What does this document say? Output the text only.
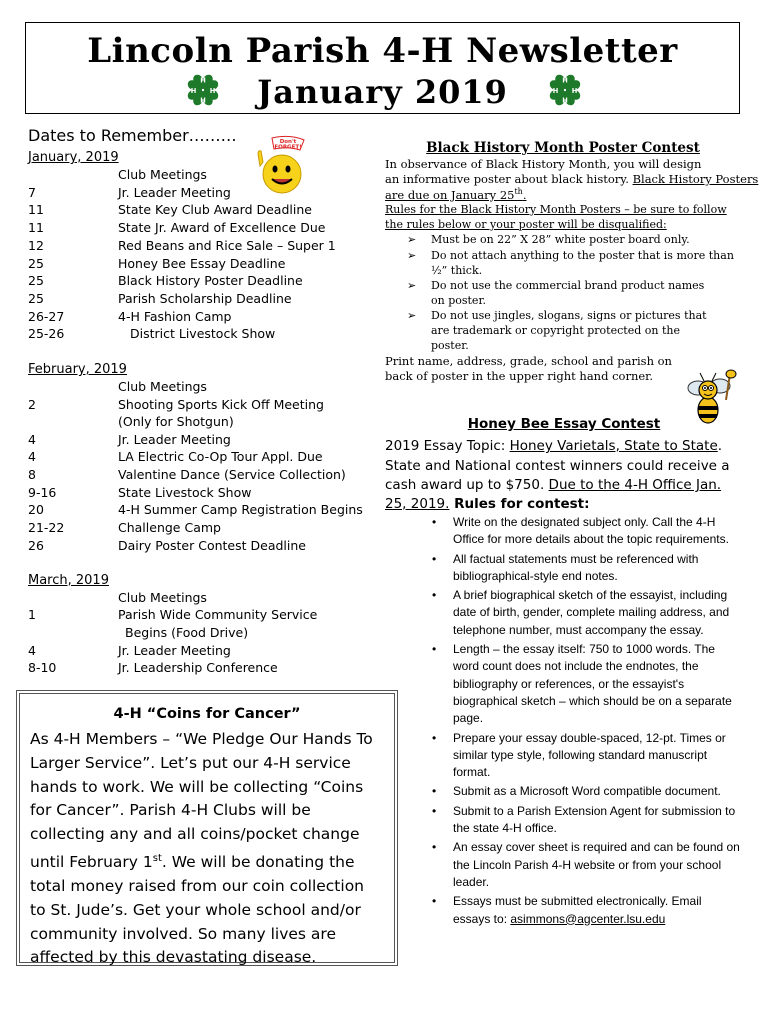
Lincoln Parish 4-H Newsletter
January 2019
H
H
H H
H
H
H H
Dates to Remember………	Don't
FORGET!
January, 2019
Club Meetings
7	Jr. Leader Meeting
11	State Key Club Award Deadline
11	State Jr. Award of Excellence Due
12	Red Beans and Rice Sale – Super 1
25	Honey Bee Essay Deadline
25	Black History Poster Deadline
25	Parish Scholarship Deadline
26-27	4-H Fashion Camp
25-26	District Livestock Show
February, 2019
Club Meetings
2	Shooting Sports Kick Off Meeting
(Only for Shotgun)
4	Jr. Leader Meeting
4	LA Electric Co-Op Tour Appl. Due
8	Valentine Dance (Service Collection)
9-16	State Livestock Show
20	4-H Summer Camp Registration Begins
21-22	Challenge Camp
26	Dairy Poster Contest Deadline
March, 2019
Club Meetings
1	Parish Wide Community Service
Begins (Food Drive)
4	Jr. Leader Meeting
8-10	Jr. Leadership Conference
4-H “Coins for Cancer”
As 4-H Members – “We Pledge Our Hands To Larger Service”. Let’s put our 4-H service hands to work. We will be collecting “Coins for Cancer”. Parish 4-H Clubs will be collecting any and all coins/pocket change until February 1st. We will be donating the total money raised from our coin collection to St. Jude’s. Get your whole school and/or community involved. So many lives are affected by this devastating disease.
Black History Month Poster Contest
In observance of Black History Month, you will design
an informative poster about black history. Black History Posters
are due on January 25th.
Rules for the Black History Month Posters – be sure to follow
the rules below or your poster will be disqualified:
➢ Must be on 22” X 28” white poster board only.
➢ Do not attach anything to the poster that is more than
½” thick.
➢ Do not use the commercial brand product names
on poster.
➢ Do not use jingles, slogans, signs or pictures that
are trademark or copyright protected on the
poster.
Print name, address, grade, school and parish on
back of poster in the upper right hand corner.
Honey Bee Essay Contest
2019 Essay Topic: Honey Varietals, State to State.
State and National contest winners could receive a
cash award up to $750. Due to the 4-H Office Jan.
25, 2019. Rules for contest:
• Write on the designated subject only. Call the 4-H Office for more details about the topic requirements.
• All factual statements must be referenced with bibliographical-style end notes.
• A brief biographical sketch of the essayist, including date of birth, gender, complete mailing address, and telephone number, must accompany the essay.
• Length – the essay itself: 750 to 1000 words. The word count does not include the endnotes, the bibliography or references, or the essayist's biographical sketch – which should be on a separate page.
• Prepare your essay double-spaced, 12-pt. Times or similar type style, following standard manuscript format.
• Submit as a Microsoft Word compatible document.
• Submit to a Parish Extension Agent for submission to the state 4-H office.
• An essay cover sheet is required and can be found on the Lincoln Parish 4-H website or from your school leader.
• Essays must be submitted electronically. Email essays to: asimmons@agcenter.lsu.edu
